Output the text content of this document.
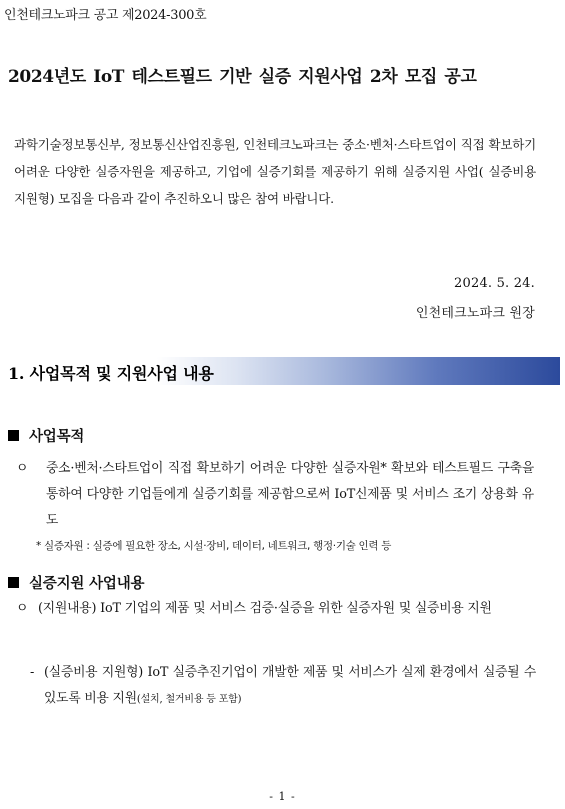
인천테크노파크 공고 제2024-300호
2024년도 IoT 테스트필드 기반 실증 지원사업 2차 모집 공고
과학기술정보통신부, 정보통신산업진흥원, 인천테크노파크는 중소·벤처·스타트업이 직접 확보하기 어려운 다양한 실증자원을 제공하고, 기업에 실증기회를 제공하기 위해 실증지원 사업( 실증비용 지원형) 모집을 다음과 같이 추진하오니 많은 참여 바랍니다.
2024. 5. 24.
인천테크노파크 원장
1. 사업목적 및 지원사업 내용
사업목적
ㅇ 중소·벤처·스타트업이 직접 확보하기 어려운 다양한 실증자원* 확보와 테스트필드 구축을 통하여 다양한 기업들에게 실증기회를 제공함으로써 IoT신제품 및 서비스 조기 상용화 유도
* 실증자원 : 실증에 필요한 장소, 시설·장비, 데이터, 네트워크, 행정·기술 인력 등
실증지원 사업내용
ㅇ (지원내용) IoT 기업의 제품 및 서비스 검증·실증을 위한 실증자원 및 실증비용 지원
- (실증비용 지원형) IoT 실증추진기업이 개발한 제품 및 서비스가 실제 환경에서 실증될 수 있도록 비용 지원(설치, 철거비용 등 포함)
- 1 -
